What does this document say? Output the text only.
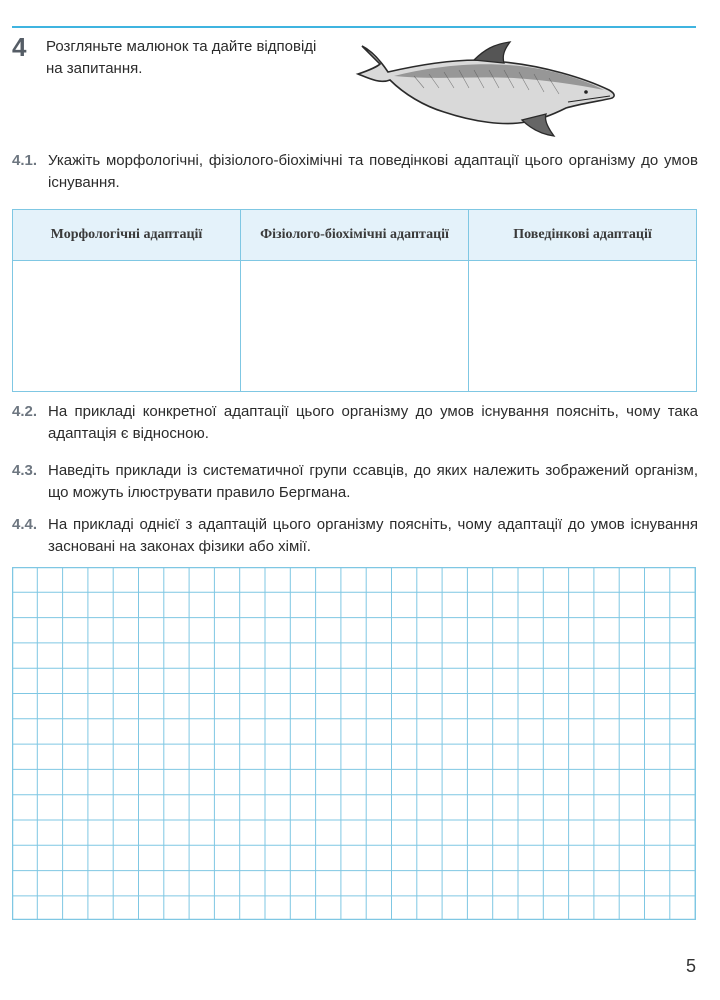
4 Розгляньте малюнок та дайте відповіді на запитання.
4.1. Укажіть морфологічні, фізіолого-біохімічні та поведінкові адаптації цього організму до умов існування.
Морфологічні адаптації	Фізіолого-біохімічні адаптації	Поведінкові адаптації

4.2. На прикладі конкретної адаптації цього організму до умов існування поясніть, чому така адаптація є відносною.
4.3. Наведіть приклади із систематичної групи ссавців, до яких належить зображений організм, що можуть ілюструвати правило Бергмана.
4.4. На прикладі однієї з адаптацій цього організму поясніть, чому адаптації до умов існування засновані на законах фізики або хімії.
5
